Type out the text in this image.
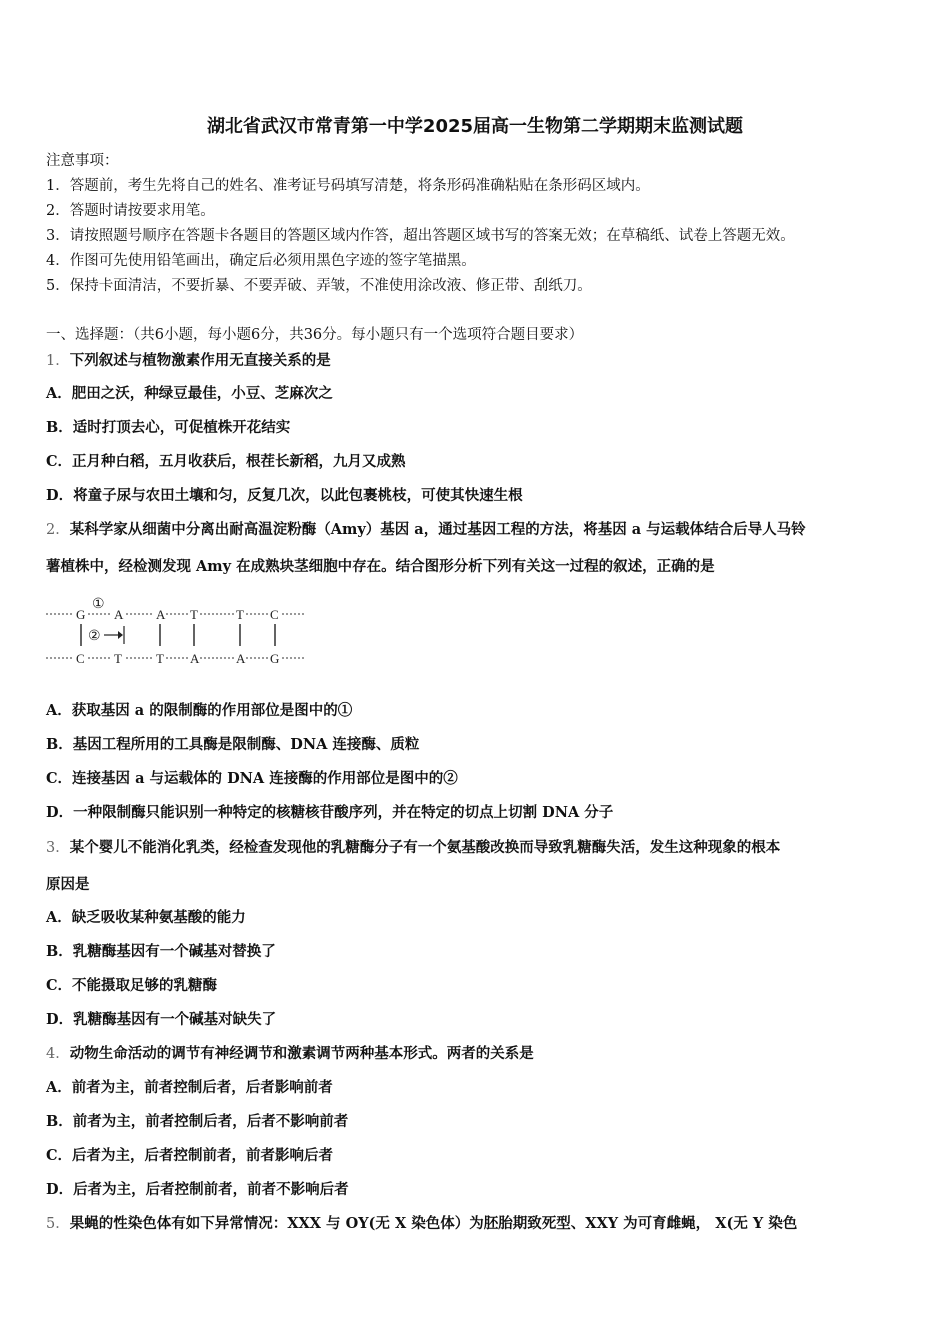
湖北省武汉市常青第一中学2025届高一生物第二学期期末监测试题
注意事项：
1．答题前，考生先将自己的姓名、准考证号码填写清楚，将条形码准确粘贴在条形码区域内。
2．答题时请按要求用笔。
3．请按照题号顺序在答题卡各题目的答题区域内作答，超出答题区域书写的答案无效；在草稿纸、试卷上答题无效。
4．作图可先使用铅笔画出，确定后必须用黑色字迹的签字笔描黑。
5．保持卡面清洁，不要折暴、不要弄破、弄皱，不准使用涂改液、修正带、刮纸刀。
一、选择题：（共6小题，每小题6分，共36分。每小题只有一个选项符合题目要求）
1．下列叙述与植物激素作用无直接关系的是
A．肥田之沃，种绿豆最佳，小豆、芝麻次之
B．适时打顶去心，可促植株开花结实
C．正月种白稻，五月收获后，根茬长新稻，九月又成熟
D．将童子尿与农田土壤和匀，反复几次，以此包裹桃枝，可使其快速生根
2．某科学家从细菌中分离出耐高温淀粉酶（Amy）基因 a，通过基因工程的方法，将基因 a 与运载体结合后导人马铃
薯植株中，经检测发现 Amy 在成熟块茎细胞中存在。结合图形分析下列有关这一过程的叙述，正确的是
G A	A T	T C
C T	T A	A G
①
②
A．获取基因 a 的限制酶的作用部位是图中的①
B．基因工程所用的工具酶是限制酶、DNA 连接酶、质粒
C．连接基因 a 与运载体的 DNA 连接酶的作用部位是图中的②
D．一种限制酶只能识别一种特定的核糖核苷酸序列，并在特定的切点上切割 DNA 分子
3．某个婴儿不能消化乳类，经检查发现他的乳糖酶分子有一个氨基酸改换而导致乳糖酶失活，发生这种现象的根本
原因是
A．缺乏吸收某种氨基酸的能力
B．乳糖酶基因有一个碱基对替换了
C．不能摄取足够的乳糖酶
D．乳糖酶基因有一个碱基对缺失了
4．动物生命活动的调节有神经调节和激素调节两种基本形式。两者的关系是
A．前者为主，前者控制后者，后者影响前者
B．前者为主，前者控制后者，后者不影响前者
C．后者为主，后者控制前者，前者影响后者
D．后者为主，后者控制前者，前者不影响后者
5．果蝇的性染色体有如下异常情况：XXX 与 OY(无 X 染色体）为胚胎期致死型、XXY 为可育雌蝇， X(无 Y 染色
